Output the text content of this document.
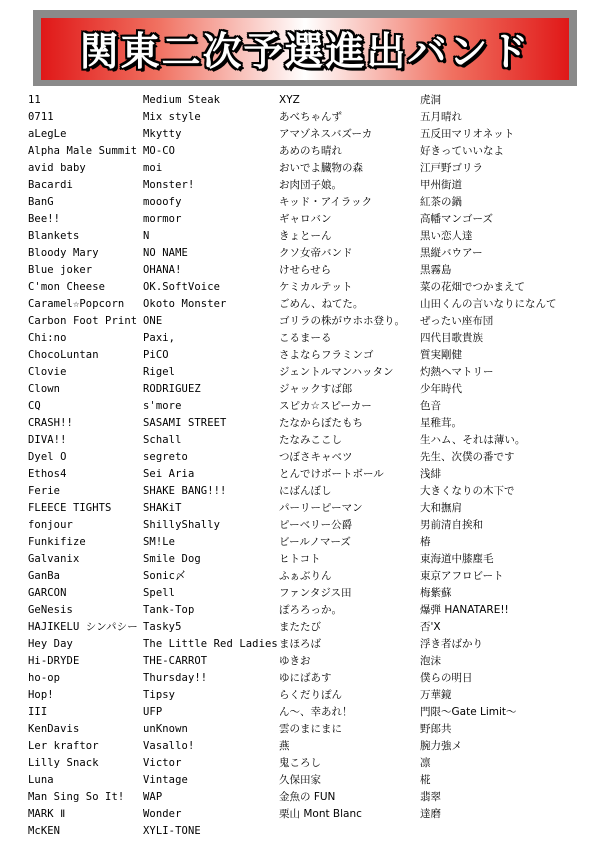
関東二次予選進出バンド
11
0711
aLegLe
Alpha Male Summit
avid baby
Bacardi
BanG
Bee!!
Blankets
Bloody Mary
Blue joker
C'mon Cheese
Caramel☆Popcorn
Carbon Foot Print
Chi:no
ChocoLuntan
Clovie
Clown
CQ
CRASH!!
DIVA!!
Dyel O
Ethos4
Ferie
FLEECE TIGHTS
fonjour
Funkifize
Galvanix
GanBa
GARCON
GeNesis
HAJIKELU シンパシー
Hey Day
Hi-DRYDE
ho-op
Hop!
III
KenDavis
Ler kraftor
Lilly Snack
Luna
Man Sing So It!
MARK Ⅱ
McKEN
Medium Steak
Mix style
Mkytty
MO-CO
moi
Monster!
mooofy
mormor
N
NO NAME
OHANA!
OK.SoftVoice
Okoto Monster
ONE
Paxi,
PiCO
Rigel
RODRIGUEZ
s'more
SASAMI STREET
Schall
segreto
Sei Aria
SHAKE BANG!!!
SHAKiT
ShillyShally
SM!Le
Smile Dog
Sonic〆
Spell
Tank-Top
Tasky5
The Little Red Ladies
THE-CARROT
Thursday!!
Tipsy
UFP
unKnown
Vasallo!
Victor
Vintage
WAP
Wonder
XYLI-TONE
XYZ
あべちゃんず
アマゾネスバズーカ
あめのち晴れ
おいでよ臓物の森
お肉団子娘。
キッド・アイラック
ギャロバン
きょとーん
クソ女帝バンド
けせらせら
ケミカルテット
ごめん、ねてた。
ゴリラの株がウホホ登り。
こるまーる
さよならフラミンゴ
ジェントルマンハッタン
ジャックすば郎
スピカ☆スピーカー
たなからぼたもち
たなみここし
つぼさキャベツ
とんでけボートボール
にばんぼし
パーリーピーマン
ピーベリー公爵
ビールノマーズ
ヒトコト
ふぁぶりん
ファンタジス田
ぽろろっか。
またたび
まほろば
ゆきお
ゆにばあす
らくだりぽん
ん〜、幸あれ！
雲のまにまに
燕
鬼ころし
久保田家
金魚の FUN
栗山 Mont Blanc
虎洞
五月晴れ
五反田マリオネット
好きっていいなよ
江戸野ゴリラ
甲州街道
紅茶の鍋
高幡マンゴーズ
黒い恋人達
黒縦バウアー
黒霧島
菜の花畑でつかまえて
山田くんの言いなりになんて
ぜったい座布団
四代目歌貴族
質実剛健
灼熱ヘマトリー
少年時代
色音
星稚茸。
生ハム、それは薄い。
先生、次僕の番です
浅緋
大きくなりの木下で
大和撫肩
男前清自挨和
椿
東海道中膝塵毛
東京アフロビート
梅紫蘇
爆弾 HANATARE!!
否'X
浮き者ばかり
泡沫
僕らの明日
万華鏡
門限～Gate Limit～
野郎共
腕力強メ
凛
椛
翡翠
達磨
